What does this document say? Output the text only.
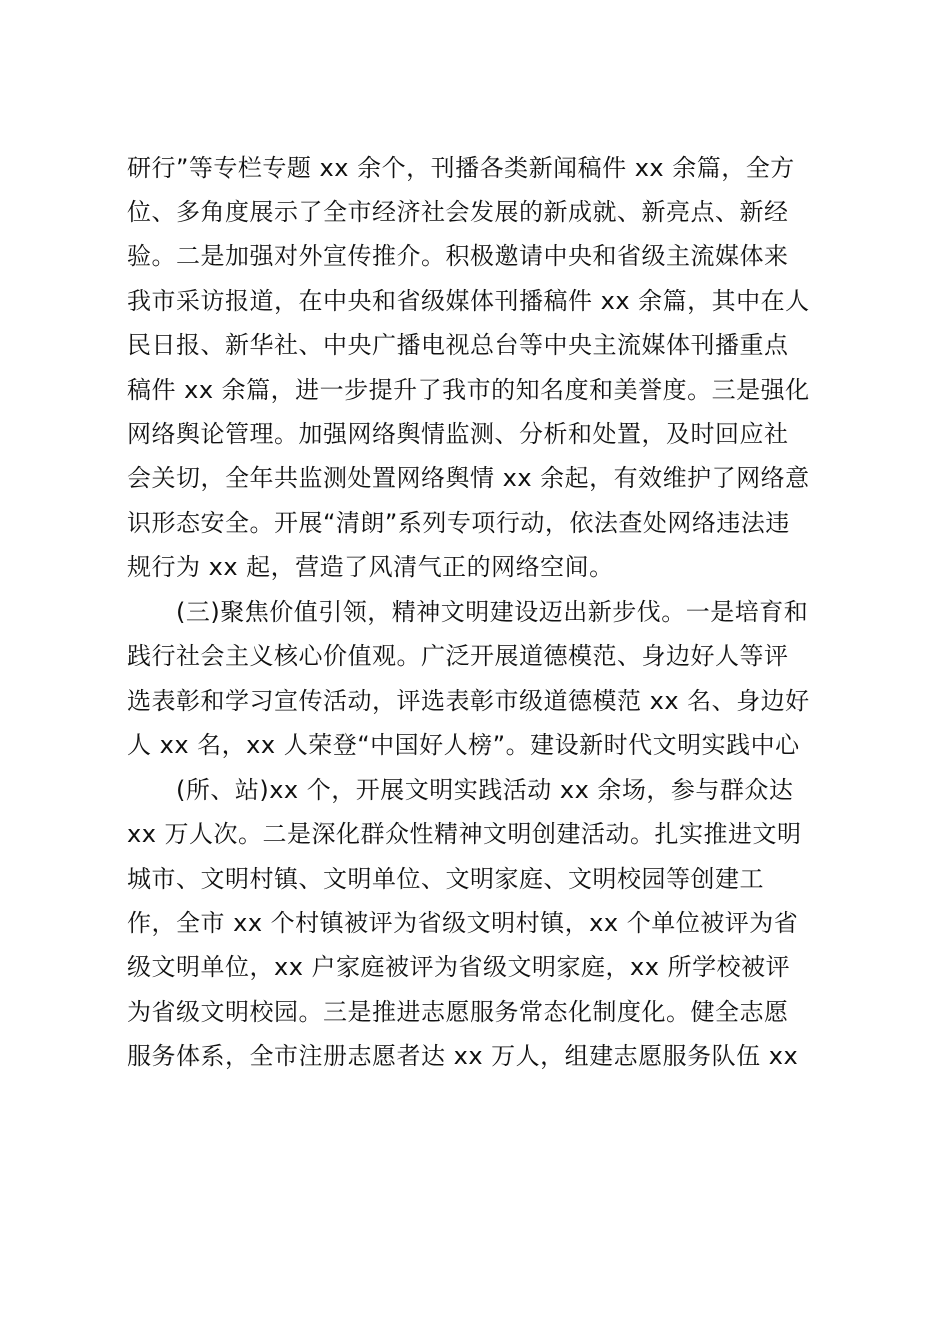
研行”等专栏专题 xx 余个，刊播各类新闻稿件 xx 余篇，全方
位、多角度展示了全市经济社会发展的新成就、新亮点、新经
验。二是加强对外宣传推介。积极邀请中央和省级主流媒体来
我市采访报道，在中央和省级媒体刊播稿件 xx 余篇，其中在人
民日报、新华社、中央广播电视总台等中央主流媒体刊播重点
稿件 xx 余篇，进一步提升了我市的知名度和美誉度。三是强化
网络舆论管理。加强网络舆情监测、分析和处置，及时回应社
会关切，全年共监测处置网络舆情 xx 余起，有效维护了网络意
识形态安全。开展“清朗”系列专项行动，依法查处网络违法违
规行为 xx 起，营造了风清气正的网络空间。
(三)聚焦价值引领，精神文明建设迈出新步伐。一是培育和
践行社会主义核心价值观。广泛开展道德模范、身边好人等评
选表彰和学习宣传活动，评选表彰市级道德模范 xx 名、身边好
人 xx 名，xx 人荣登“中国好人榜”。建设新时代文明实践中心
(所、站)xx 个，开展文明实践活动 xx 余场，参与群众达
xx 万人次。二是深化群众性精神文明创建活动。扎实推进文明
城市、文明村镇、文明单位、文明家庭、文明校园等创建工
作，全市 xx 个村镇被评为省级文明村镇，xx 个单位被评为省
级文明单位，xx 户家庭被评为省级文明家庭，xx 所学校被评
为省级文明校园。三是推进志愿服务常态化制度化。健全志愿
服务体系，全市注册志愿者达 xx 万人，组建志愿服务队伍 xx
